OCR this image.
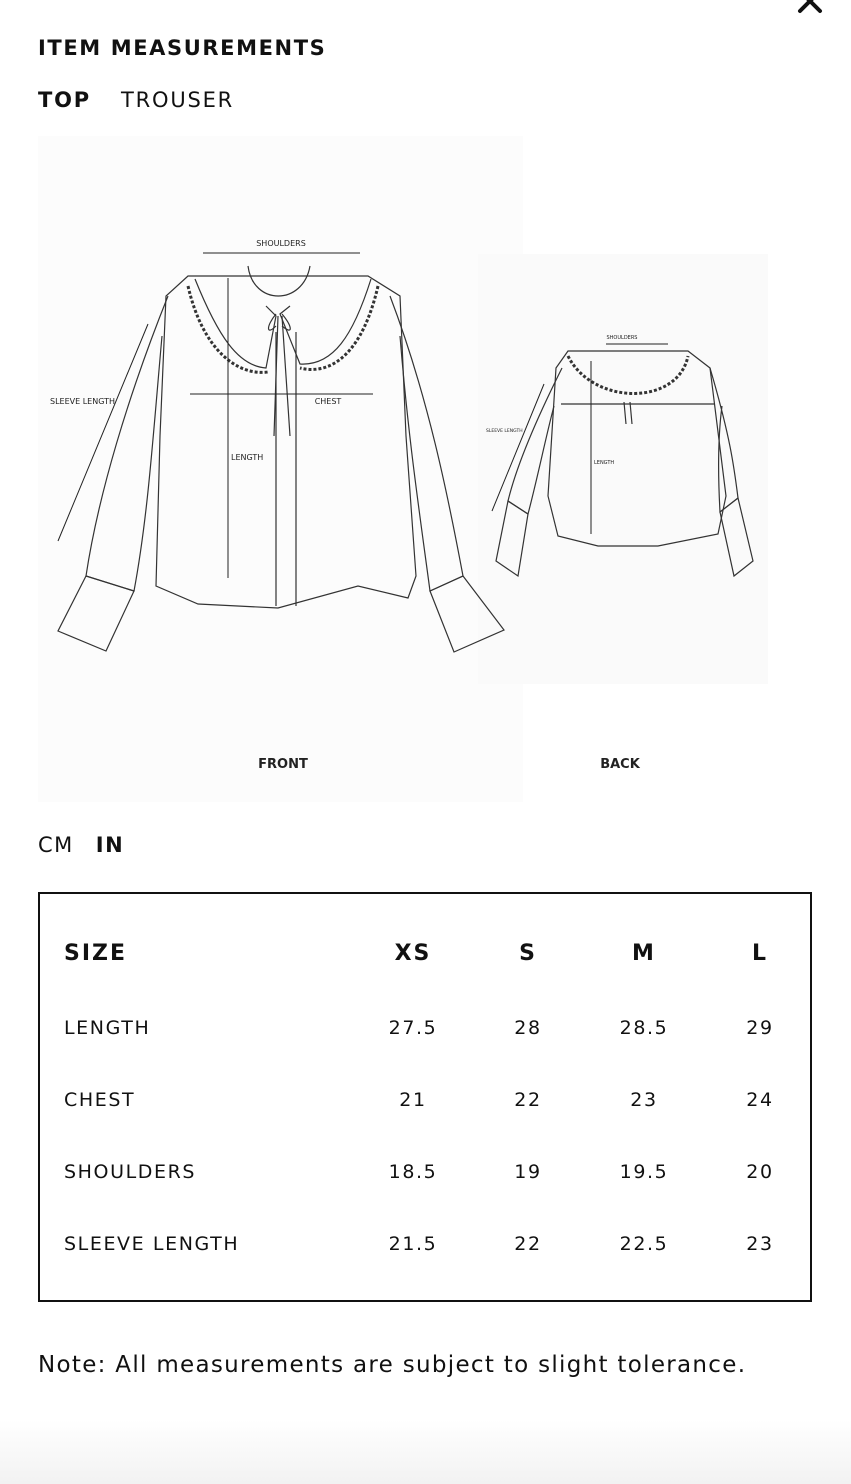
ITEM MEASUREMENTS
TOP TROUSER
SHOULDERS
SLEEVE LENGTH	CHEST
LENGTH
SHOULDERS
SLEEVE LENGTH
LENGTH
FRONT	BACK
CM IN
SIZE	XS	S	M	L
LENGTH	27.5	28	28.5	29
CHEST	21	22	23	24
SHOULDERS	18.5	19	19.5	20
SLEEVE LENGTH	21.5	22	22.5	23

Note: All measurements are subject to slight tolerance.
